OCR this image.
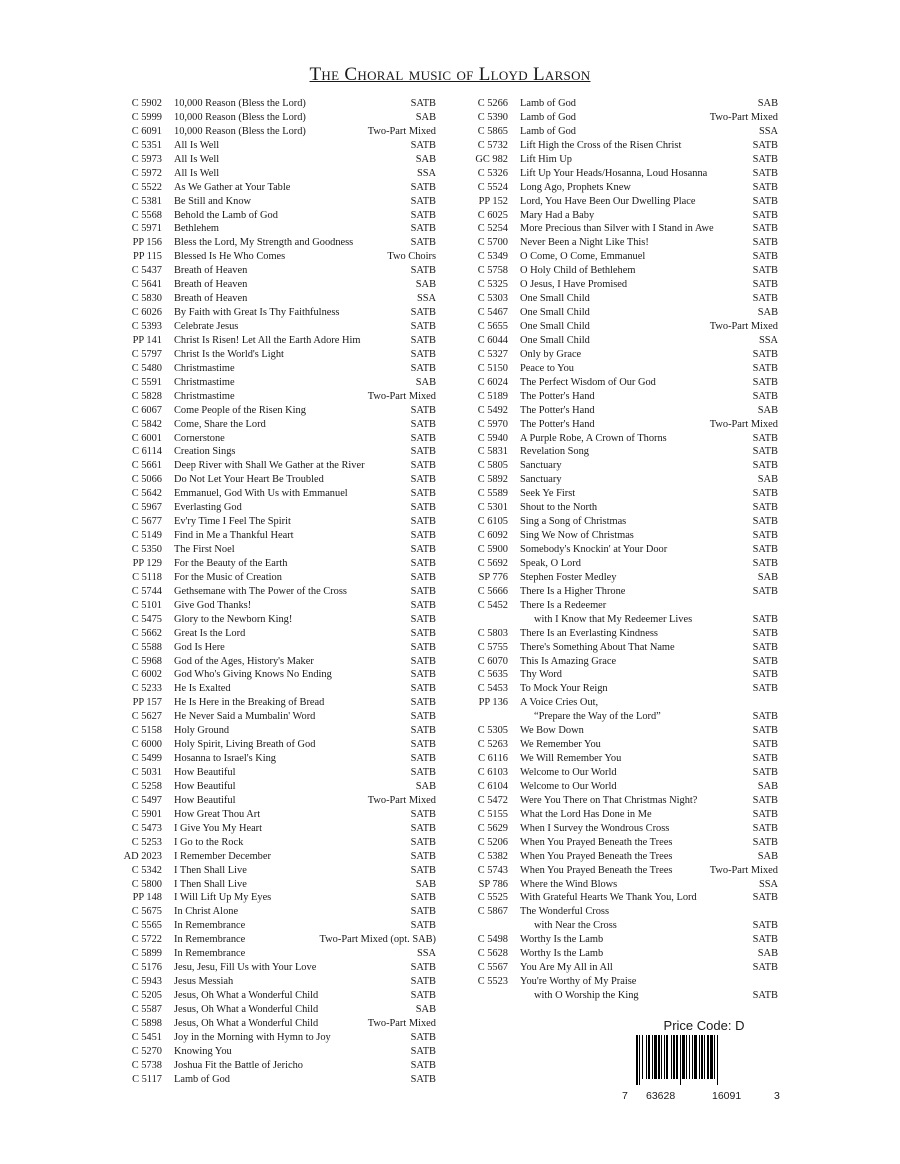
The Choral music of Lloyd Larson
C 5902 10,000 Reason (Bless the Lord)	SATB
C 5999 10,000 Reason (Bless the Lord)	SAB
C 6091 10,000 Reason (Bless the Lord)	Two-Part Mixed
C 5351 All Is Well	SATB
C 5973 All Is Well	SAB
C 5972 All Is Well	SSA
C 5522 As We Gather at Your Table	SATB
C 5381 Be Still and Know	SATB
C 5568 Behold the Lamb of God	SATB
C 5971 Bethlehem	SATB
PP 156 Bless the Lord, My Strength and Goodness	SATB
PP 115 Blessed Is He Who Comes	Two Choirs
C 5437 Breath of Heaven	SATB
C 5641 Breath of Heaven	SAB
C 5830 Breath of Heaven	SSA
C 6026 By Faith with Great Is Thy Faithfulness	SATB
C 5393 Celebrate Jesus	SATB
PP 141 Christ Is Risen! Let All the Earth Adore Him	SATB
C 5797 Christ Is the World's Light	SATB
C 5480 Christmastime	SATB
C 5591 Christmastime	SAB
C 5828 Christmastime	Two-Part Mixed
C 6067 Come People of the Risen King	SATB
C 5842 Come, Share the Lord	SATB
C 6001 Cornerstone	SATB
C 6114 Creation Sings	SATB
C 5661 Deep River with Shall We Gather at the River	SATB
C 5066 Do Not Let Your Heart Be Troubled	SATB
C 5642 Emmanuel, God With Us with Emmanuel	SATB
C 5967 Everlasting God	SATB
C 5677 Ev'ry Time I Feel The Spirit	SATB
C 5149 Find in Me a Thankful Heart	SATB
C 5350 The First Noel	SATB
PP 129 For the Beauty of the Earth	SATB
C 5118 For the Music of Creation	SATB
C 5744 Gethsemane with The Power of the Cross	SATB
C 5101 Give God Thanks!	SATB
C 5475 Glory to the Newborn King!	SATB
C 5662 Great Is the Lord	SATB
C 5588 God Is Here	SATB
C 5968 God of the Ages, History's Maker	SATB
C 6002 God Who's Giving Knows No Ending	SATB
C 5233 He Is Exalted	SATB
PP 157 He Is Here in the Breaking of Bread	SATB
C 5627 He Never Said a Mumbalin' Word	SATB
C 5158 Holy Ground	SATB
C 6000 Holy Spirit, Living Breath of God	SATB
C 5499 Hosanna to Israel's King	SATB
C 5031 How Beautiful	SATB
C 5258 How Beautiful	SAB
C 5497 How Beautiful	Two-Part Mixed
C 5901 How Great Thou Art	SATB
C 5473 I Give You My Heart	SATB
C 5253 I Go to the Rock	SATB
AD 2023 I Remember December	SATB
C 5342 I Then Shall Live	SATB
C 5800 I Then Shall Live	SAB
PP 148 I Will Lift Up My Eyes	SATB
C 5675 In Christ Alone	SATB
C 5565 In Remembrance	SATB
C 5722 In Remembrance	Two-Part Mixed (opt. SAB)
C 5899 In Remembrance	SSA
C 5176 Jesu, Jesu, Fill Us with Your Love	SATB
C 5943 Jesus Messiah	SATB
C 5205 Jesus, Oh What a Wonderful Child	SATB
C 5587 Jesus, Oh What a Wonderful Child	SAB
C 5898 Jesus, Oh What a Wonderful Child	Two-Part Mixed
C 5451 Joy in the Morning with Hymn to Joy	SATB
C 5270 Knowing You	SATB
C 5738 Joshua Fit the Battle of Jericho	SATB
C 5117 Lamb of God	SATB
C 5266 Lamb of God	SAB
C 5390 Lamb of God	Two-Part Mixed
C 5865 Lamb of God	SSA
C 5732 Lift High the Cross of the Risen Christ	SATB
GC 982 Lift Him Up	SATB
C 5326 Lift Up Your Heads/Hosanna, Loud Hosanna	SATB
C 5524 Long Ago, Prophets Knew	SATB
PP 152 Lord, You Have Been Our Dwelling Place	SATB
C 6025 Mary Had a Baby	SATB
C 5254 More Precious than Silver with I Stand in Awe	SATB
C 5700 Never Been a Night Like This!	SATB
C 5349 O Come, O Come, Emmanuel	SATB
C 5758 O Holy Child of Bethlehem	SATB
C 5325 O Jesus, I Have Promised	SATB
C 5303 One Small Child	SATB
C 5467 One Small Child	SAB
C 5655 One Small Child	Two-Part Mixed
C 6044 One Small Child	SSA
C 5327 Only by Grace	SATB
C 5150 Peace to You	SATB
C 6024 The Perfect Wisdom of Our God	SATB
C 5189 The Potter's Hand	SATB
C 5492 The Potter's Hand	SAB
C 5970 The Potter's Hand	Two-Part Mixed
C 5940 A Purple Robe, A Crown of Thorns	SATB
C 5831 Revelation Song	SATB
C 5805 Sanctuary	SATB
C 5892 Sanctuary	SAB
C 5589 Seek Ye First	SATB
C 5301 Shout to the North	SATB
C 6105 Sing a Song of Christmas	SATB
C 6092 Sing We Now of Christmas	SATB
C 5900 Somebody's Knockin' at Your Door	SATB
C 5692 Speak, O Lord	SATB
SP 776 Stephen Foster Medley	SAB
C 5666 There Is a Higher Throne	SATB
C 5452 There Is a Redeemer
with I Know that My Redeemer Lives	SATB
C 5803 There Is an Everlasting Kindness	SATB
C 5755 There's Something About That Name	SATB
C 6070 This Is Amazing Grace	SATB
C 5635 Thy Word	SATB
C 5453 To Mock Your Reign	SATB
PP 136 A Voice Cries Out,
“Prepare the Way of the Lord”	SATB
C 5305 We Bow Down	SATB
C 5263 We Remember You	SATB
C 6116 We Will Remember You	SATB
C 6103 Welcome to Our World	SATB
C 6104 Welcome to Our World	SAB
C 5472 Were You There on That Christmas Night?	SATB
C 5155 What the Lord Has Done in Me	SATB
C 5629 When I Survey the Wondrous Cross	SATB
C 5206 When You Prayed Beneath the Trees	SATB
C 5382 When You Prayed Beneath the Trees	SAB
C 5743 When You Prayed Beneath the Trees	Two-Part Mixed
SP 786 Where the Wind Blows	SSA
C 5525 With Grateful Hearts We Thank You, Lord	SATB
C 5867 The Wonderful Cross
with Near the Cross	SATB
C 5498 Worthy Is the Lamb	SATB
C 5628 Worthy Is the Lamb	SAB
C 5567 You Are My All in All	SATB
C 5523 You're Worthy of My Praise
with O Worship the King	SATB
Price Code: D
7 63628	16091	3
